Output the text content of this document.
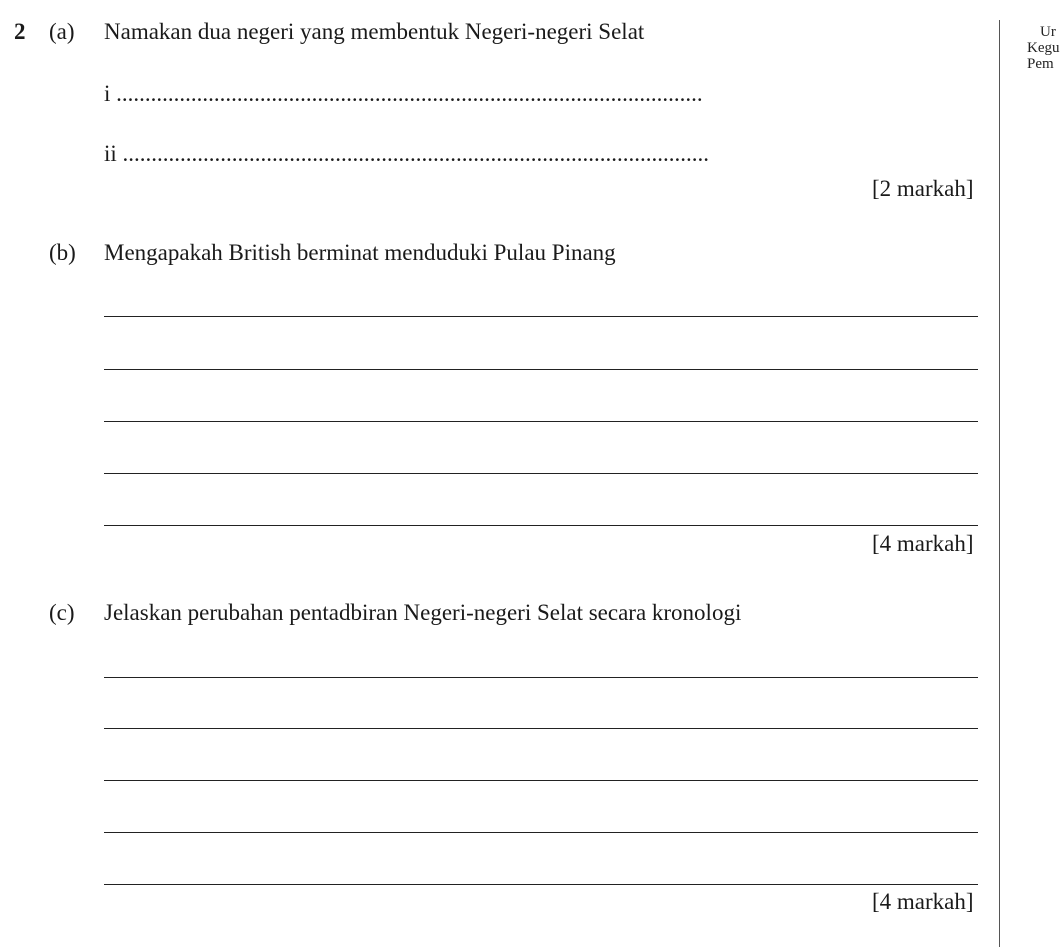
2 (a) Namakan dua negeri yang membentuk Negeri-negeri Selat
i ......................................................................................................
ii ......................................................................................................
[2 markah]
(b) Mengapakah British berminat menduduki Pulau Pinang
[4 markah]
(c) Jelaskan perubahan pentadbiran Negeri-negeri Selat secara kronologi
[4 markah]
Ur
Kegu
Pem
